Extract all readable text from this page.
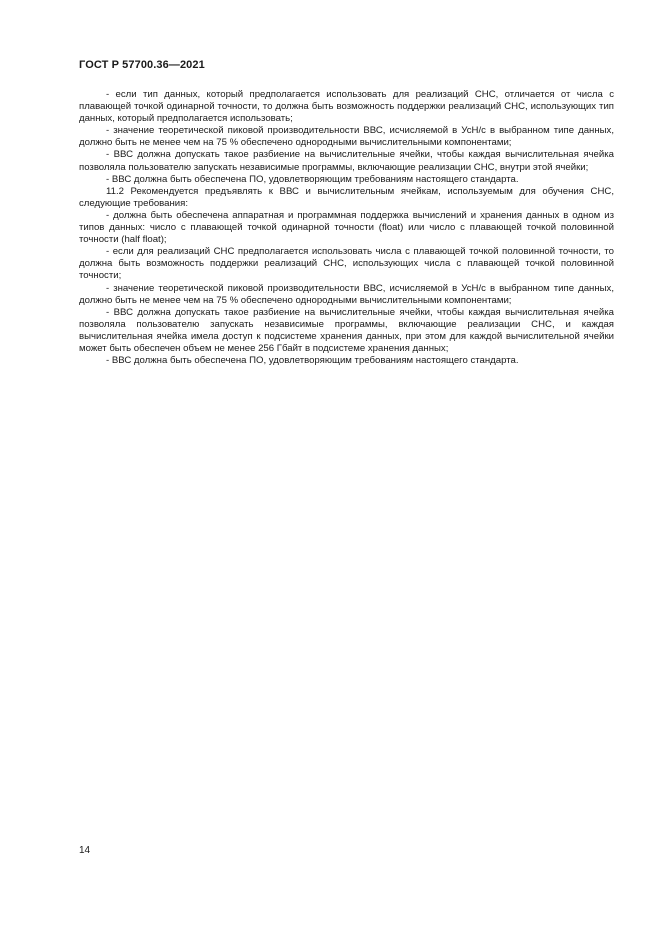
ГОСТ Р 57700.36—2021

- если тип данных, который предполагается использовать для реализаций СНС, отличается от числа с плавающей точкой одинарной точности, то должна быть возможность поддержки реализаций СНС, использующих тип данных, который предполагается использовать;

- значение теоретической пиковой производительности ВВС, исчисляемой в УсН/с в выбранном типе данных, должно быть не менее чем на 75 % обеспечено однородными вычислительными компонентами;

- ВВС должна допускать такое разбиение на вычислительные ячейки, чтобы каждая вычислительная ячейка позволяла пользователю запускать независимые программы, включающие реализации СНС, внутри этой ячейки;

- ВВС должна быть обеспечена ПО, удовлетворяющим требованиям настоящего стандарта.

11.2 Рекомендуется предъявлять к ВВС и вычислительным ячейкам, используемым для обучения СНС, следующие требования:

- должна быть обеспечена аппаратная и программная поддержка вычислений и хранения данных в одном из типов данных: число с плавающей точкой одинарной точности (float) или число с плавающей точкой половинной точности (half float);

- если для реализаций СНС предполагается использовать числа с плавающей точкой половинной точности, то должна быть возможность поддержки реализаций СНС, использующих числа с плавающей точкой половинной точности;

- значение теоретической пиковой производительности ВВС, исчисляемой в УсН/с в выбранном типе данных, должно быть не менее чем на 75 % обеспечено однородными вычислительными компонентами;

- ВВС должна допускать такое разбиение на вычислительные ячейки, чтобы каждая вычислительная ячейка позволяла пользователю запускать независимые программы, включающие реализации СНС, и каждая вычислительная ячейка имела доступ к подсистеме хранения данных, при этом для каждой вычислительной ячейки может быть обеспечен объем не менее 256 Гбайт в подсистеме хранения данных;

- ВВС должна быть обеспечена ПО, удовлетворяющим требованиям настоящего стандарта.

14
